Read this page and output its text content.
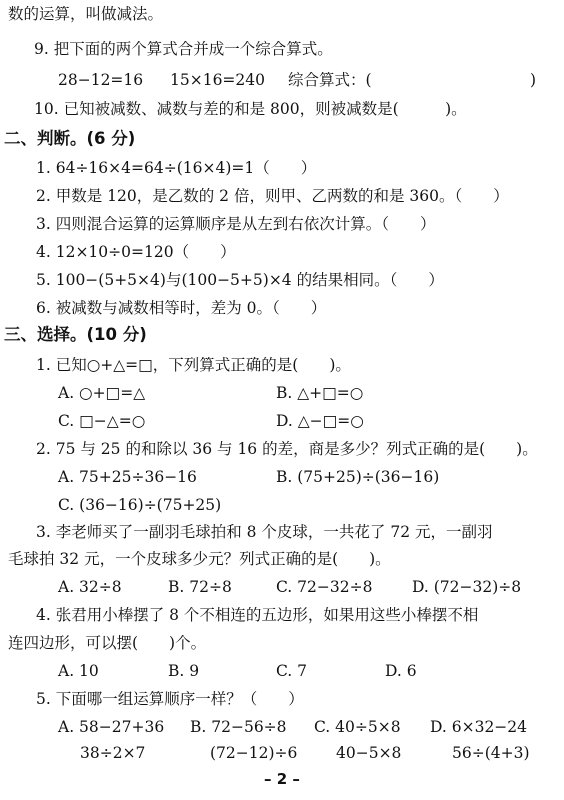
数的运算，叫做减法。
9. 把下面的两个算式合并成一个综合算式。
28−12=16 15×16=240 综合算式：(	)
10. 已知被减数、减数与差的和是 800，则被减数是(　　　)。
二、判断。(6 分)
1. 64÷16×4=64÷(16×4)=1（　　）
2. 甲数是 120，是乙数的 2 倍，则甲、乙两数的和是 360。（　　）
3. 四则混合运算的运算顺序是从左到右依次计算。（　　）
4. 12×10÷0=120（　　）
5. 100−(5+5×4)与(100−5+5)×4 的结果相同。（　　）
6. 被减数与减数相等时，差为 0。（　　）
三、选择。(10 分)
1. 已知○+△=□，下列算式正确的是(　　)。
A. ○+□=△	B. △+□=○
C. □−△=○	D. △−□=○
2. 75 与 25 的和除以 36 与 16 的差，商是多少？列式正确的是(　　)。
A. 75+25÷36−16	B. (75+25)÷(36−16)
C. (36−16)÷(75+25)
3. 李老师买了一副羽毛球拍和 8 个皮球，一共花了 72 元，一副羽
毛球拍 32 元，一个皮球多少元？列式正确的是(　　)。
A. 32÷8	B. 72÷8	C. 72−32÷8	D. (72−32)÷8
4. 张君用小棒摆了 8 个不相连的五边形，如果用这些小棒摆不相
连四边形，可以摆(　　)个。
A. 10	B. 9	C. 7	D. 6
5. 下面哪一组运算顺序一样？（　　）
A. 58−27+36 B. 72−56÷8 C. 40÷5×8 D. 6×32−24
38÷2×7	(72−12)÷6 40−5×8	56÷(4+3)
– 2 –
